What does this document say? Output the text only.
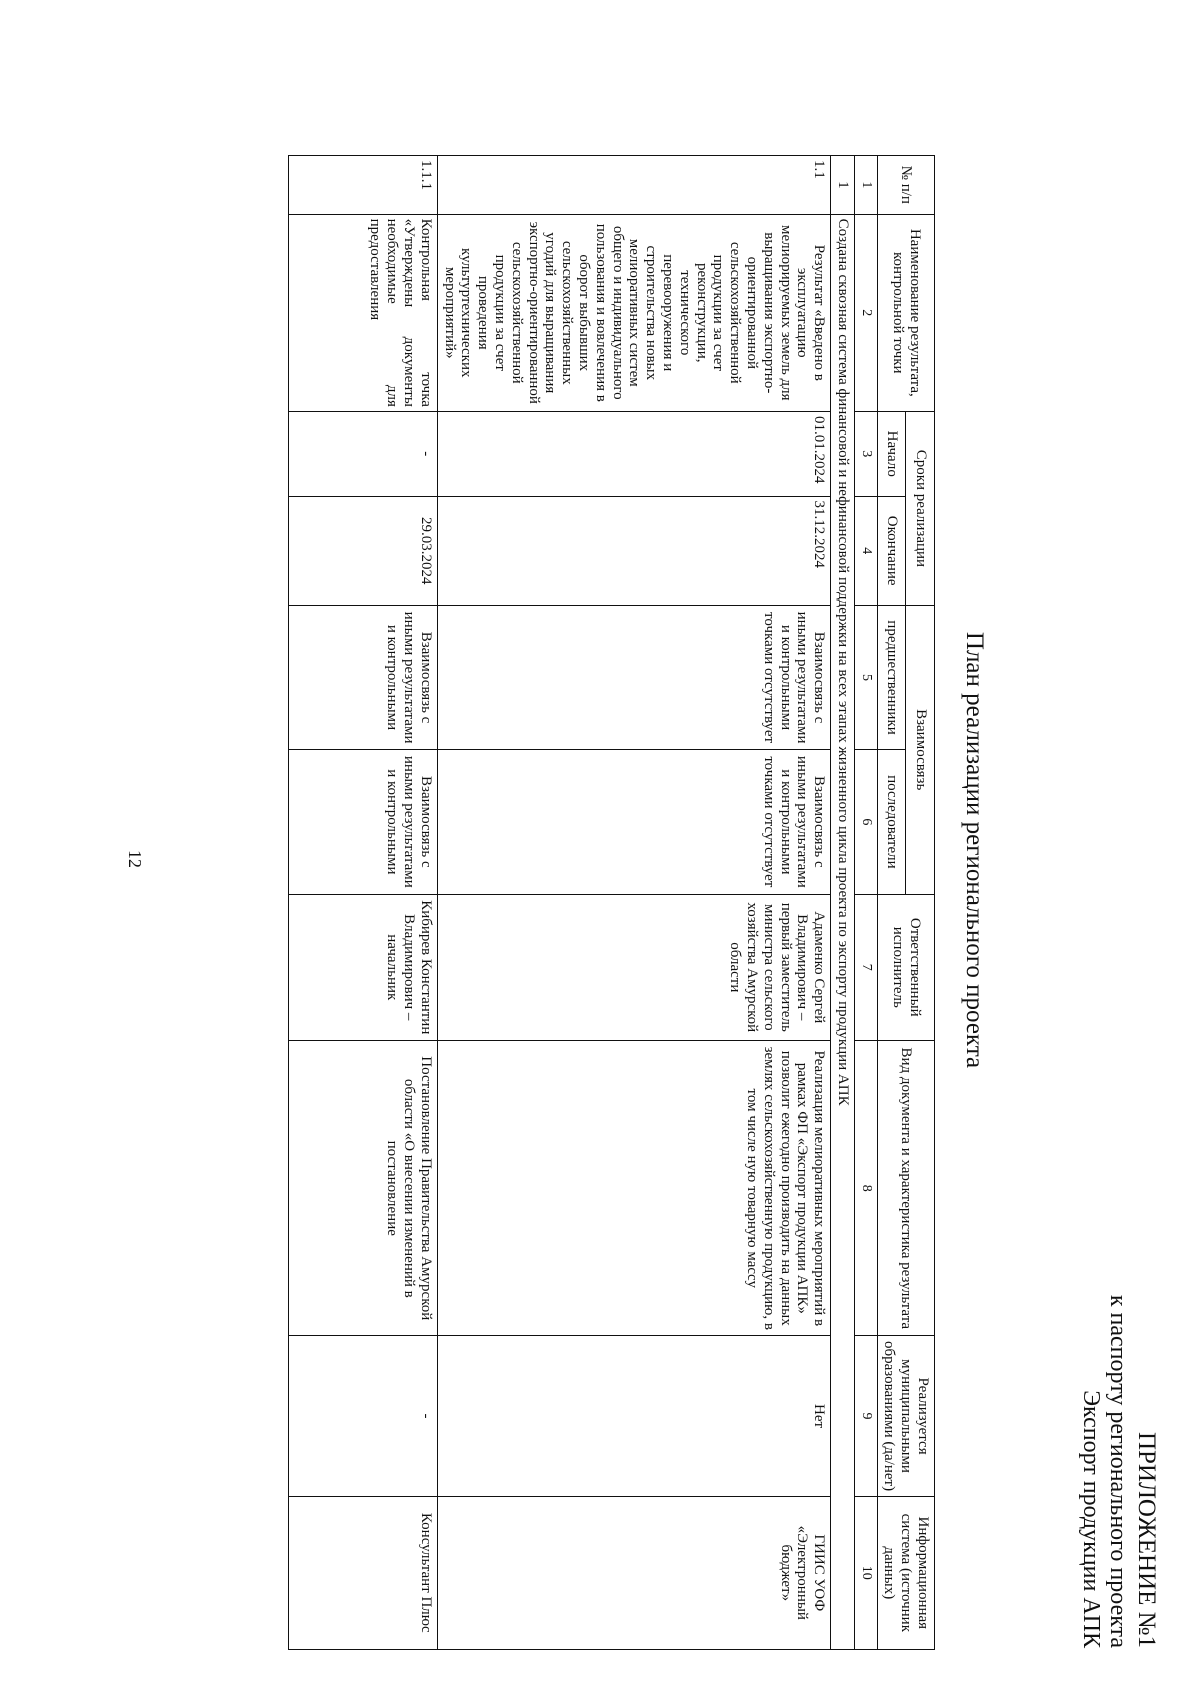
12
ПРИЛОЖЕНИЕ №1
к паспорту регионального проекта
Экспорт продукции АПК
План реализации регионального проекта
№ п/п	Наименование результата, контрольной точки	Сроки реализации		Взаимосвязь		Ответственный исполнитель	Вид документа и характеристика результата	Реализуется муниципальными образованиями (да/нет)	Информационная система (источник данных)
		Начало	Окончание	предшественники	последователи				
1	2	3	4	5	6	7	8	9	10
1	Создана сквозная система финансовой и нефинансовой поддержки на всех этапах жизненного цикла проекта по экспорту продукции АПК								
1.1	Результат «Введено в эксплуатацию мелиорируемых земель для выращивания экспортно-ориентированной сельскохозяйственной продукции за счет реконструкции, технического перевооружения и строительства новых мелиоративных систем общего и индивидуального пользования и вовлечения в оборот выбывших сельскохозяйственных угодий для выращивания экспортно-ориентированной сельскохозяйственной продукции за счет проведения культуртехнических мероприятий»	01.01.2024	31.12.2024	Взаимосвязь с иными результатами и контрольными точками отсутствует	Взаимосвязь с иными результатами и контрольными точками отсутствует	Адаменко Сергей Владимирович – первый заместитель министра сельского хозяйства Амурской области	Реализация мелиоративных мероприятий в рамках ФП «Экспорт продукции АПК» позволит ежегодно производить на данных землях сельскохозяйственную продукцию, в том числе ную товарную массу	Нет	ГИИС УОФ «Электронный бюджет»

1.1.1	Контрольная точка «Утверждены документы необходимые для предоставления	-	29.03.2024	Взаимосвязь с иными результатами и контрольными	Взаимосвязь с иными результатами и контрольными	Кибирев Константин Владимирович – начальник	Постановление Правительства Амурской области «О внесении изменений в постановление	-	Консультант Плюс
